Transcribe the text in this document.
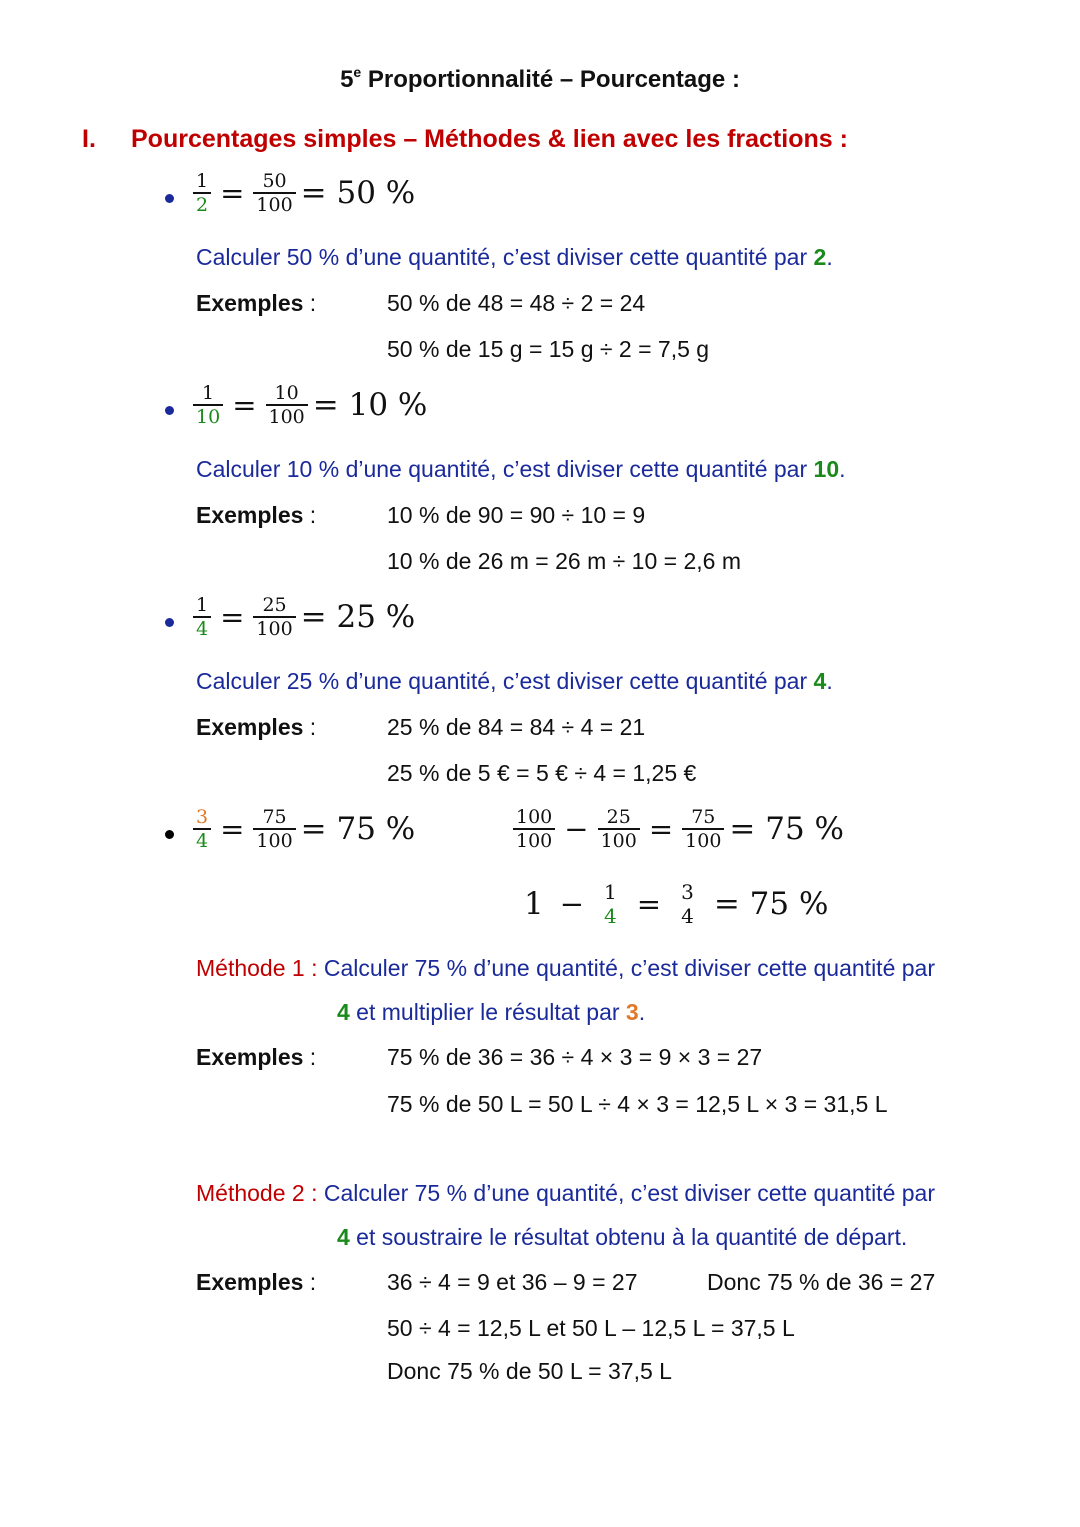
5e Proportionnalité – Pourcentage :
I. Pourcentages simples – Méthodes & lien avec les fractions :
$\frac{1}{2} = \frac{50}{100} = 50$ %
Calculer 50 % d’une quantité, c’est diviser cette quantité par 2.
Exemples :	50 % de 48 = 48 ÷ 2 = 24
50 % de 15 g = 15 g ÷ 2 = 7,5 g
$\frac{1}{10} = \frac{10}{100} = 10$ %
Calculer 10 % d’une quantité, c’est diviser cette quantité par 10.
Exemples :	10 % de 90 = 90 ÷ 10 = 9
10 % de 26 m = 26 m ÷ 10 = 2,6 m
$\frac{1}{4} = \frac{25}{100} = 25$ %
Calculer 25 % d’une quantité, c’est diviser cette quantité par 4.
Exemples :	25 % de 84 = 84 ÷ 4 = 21
25 % de 5 € = 5 € ÷ 4 = 1,25 €
$\frac{3}{4} = \frac{75}{100} = 75$ %	$\frac{100}{100} - \frac{25}{100} = \frac{75}{100} = 75$ %
1 − 1
4 = 3
4 = 75 %
Méthode 1 : Calculer 75 % d’une quantité, c’est diviser cette quantité par
4 et multiplier le résultat par 3.
Exemples :	75 % de 36 = 36 ÷ 4 × 3 = 9 × 3 = 27
75 % de 50 L = 50 L ÷ 4 × 3 = 12,5 L × 3 = 31,5 L
Méthode 2 : Calculer 75 % d’une quantité, c’est diviser cette quantité par
4 et soustraire le résultat obtenu à la quantité de départ.
Exemples :	36 ÷ 4 = 9 et 36 – 9 = 27	Donc 75 % de 36 = 27
50 ÷ 4 = 12,5 L et 50 L – 12,5 L = 37,5 L
Donc 75 % de 50 L = 37,5 L
